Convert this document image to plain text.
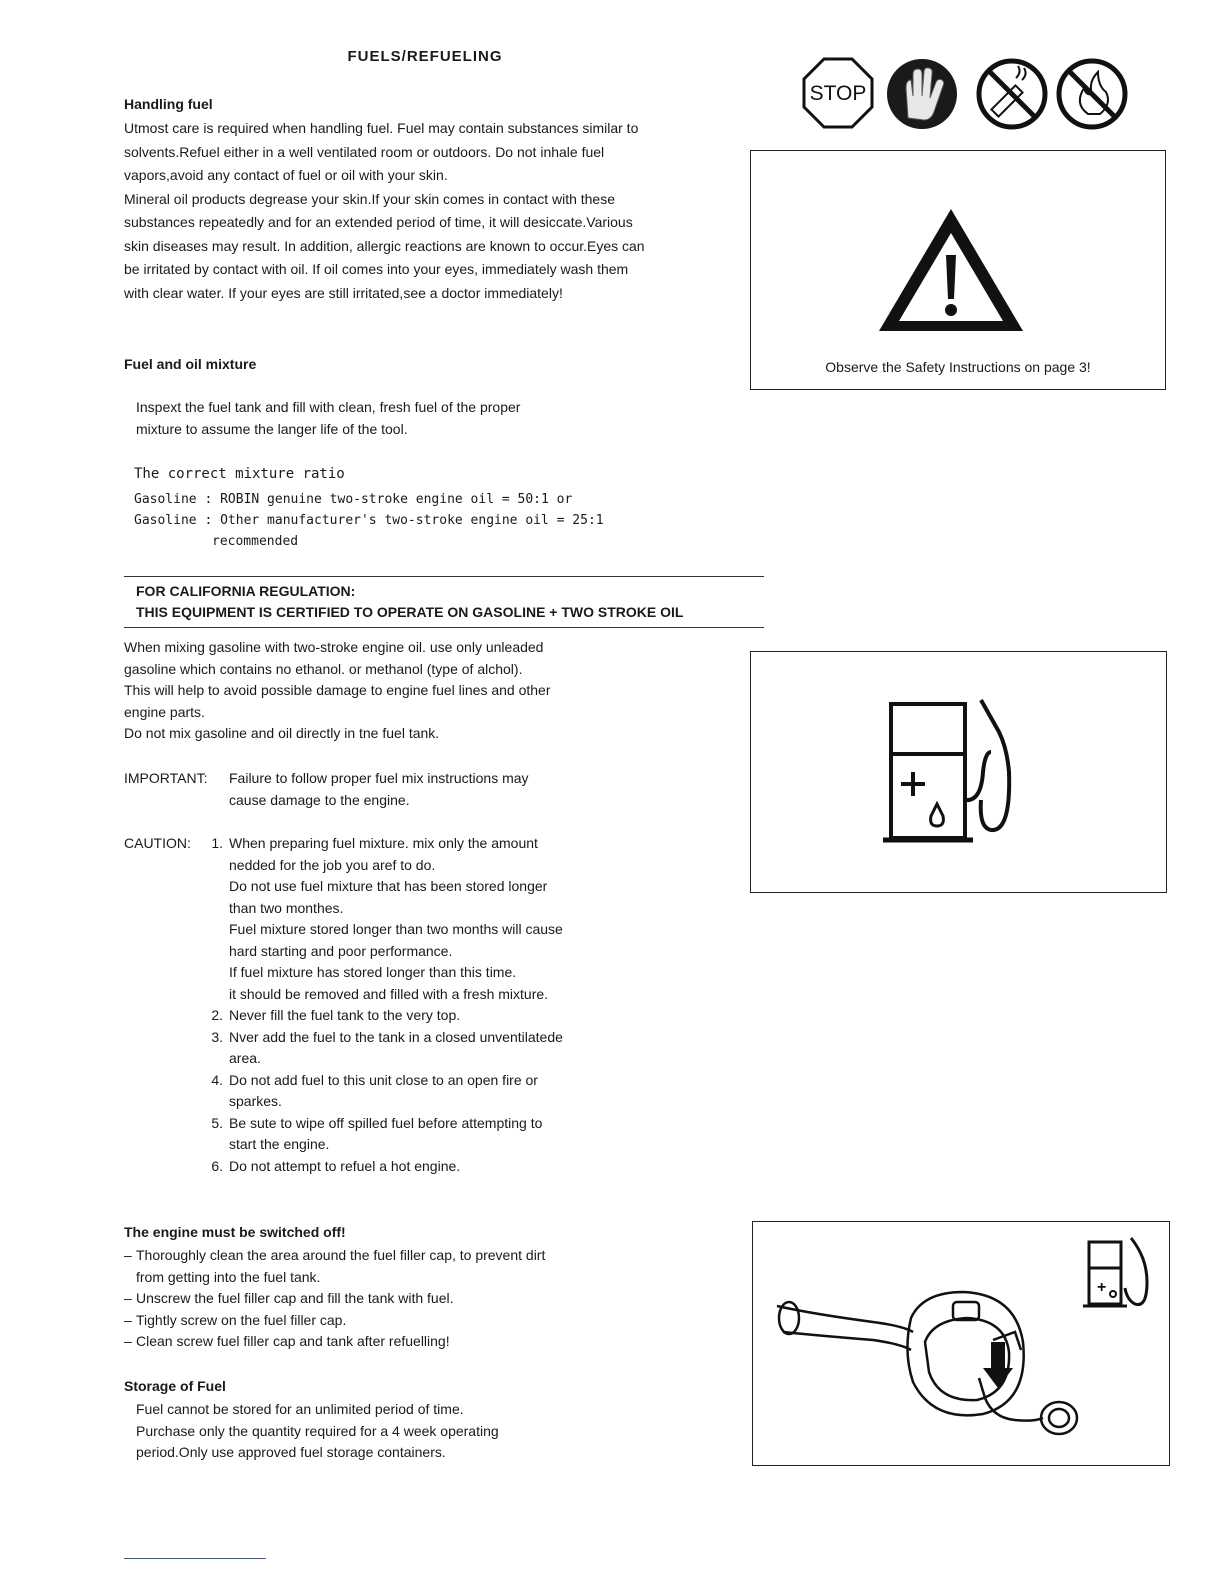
FUELS/REFUELING
Handling fuel
Utmost care is required when handling fuel. Fuel may contain substances similar to
solvents.Refuel either in a well ventilated room or outdoors. Do not inhale fuel
vapors,avoid any contact of fuel or oil with your skin.
Mineral oil products degrease your skin.If your skin comes in contact with these
substances repeatedly and for an extended period of time, it will desiccate.Various
skin diseases may result. In addition, allergic reactions are known to occur.Eyes can
be irritated by contact with oil. If oil comes into your eyes, immediately wash them
with clear water. If your eyes are still irritated,see a doctor immediately!
STOP
Observe the Safety Instructions on page 3!
Fuel and oil mixture
Inspext the fuel tank and fill with clean, fresh fuel of the proper
mixture to assume the langer life of the tool.
The correct mixture ratio
Gasoline : ROBIN genuine two-stroke engine oil = 50:1 or
Gasoline : Other manufacturer's two-stroke engine oil = 25:1
recommended
FOR CALIFORNIA REGULATION:
THIS EQUIPMENT IS CERTIFIED TO OPERATE ON GASOLINE + TWO STROKE OIL
When mixing gasoline with two-stroke engine oil. use only unleaded
gasoline which contains no ethanol. or methanol (type of alchol).
This will help to avoid possible damage to engine fuel lines and other
engine parts.
Do not mix gasoline and oil directly in tne fuel tank.
IMPORTANT: Failure to follow proper fuel mix instructions may
cause damage to the engine.
CAUTION:	1. When preparing fuel mixture. mix only the amount
nedded for the job you aref to do.
Do not use fuel mixture that has been stored longer
than two monthes.
Fuel mixture stored longer than two months will cause
hard starting and poor performance.
If fuel mixture has stored longer than this time.
it should be removed and filled with a fresh mixture.
2. Never fill the fuel tank to the very top.
3. Nver add the fuel to the tank in a closed unventilatede
area.
4. Do not add fuel to this unit close to an open fire or
sparkes.
5. Be sute to wipe off spilled fuel before attempting to
start the engine.
6. Do not attempt to refuel a hot engine.
The engine must be switched off!
– Thoroughly clean the area around the fuel filler cap, to prevent dirt
from getting into the fuel tank.
– Unscrew the fuel filler cap and fill the tank with fuel.
– Tightly screw on the fuel filler cap.
– Clean screw fuel filler cap and tank after refuelling!
Storage of Fuel
Fuel cannot be stored for an unlimited period of time.
Purchase only the quantity required for a 4 week operating
period.Only use approved fuel storage containers.
+
